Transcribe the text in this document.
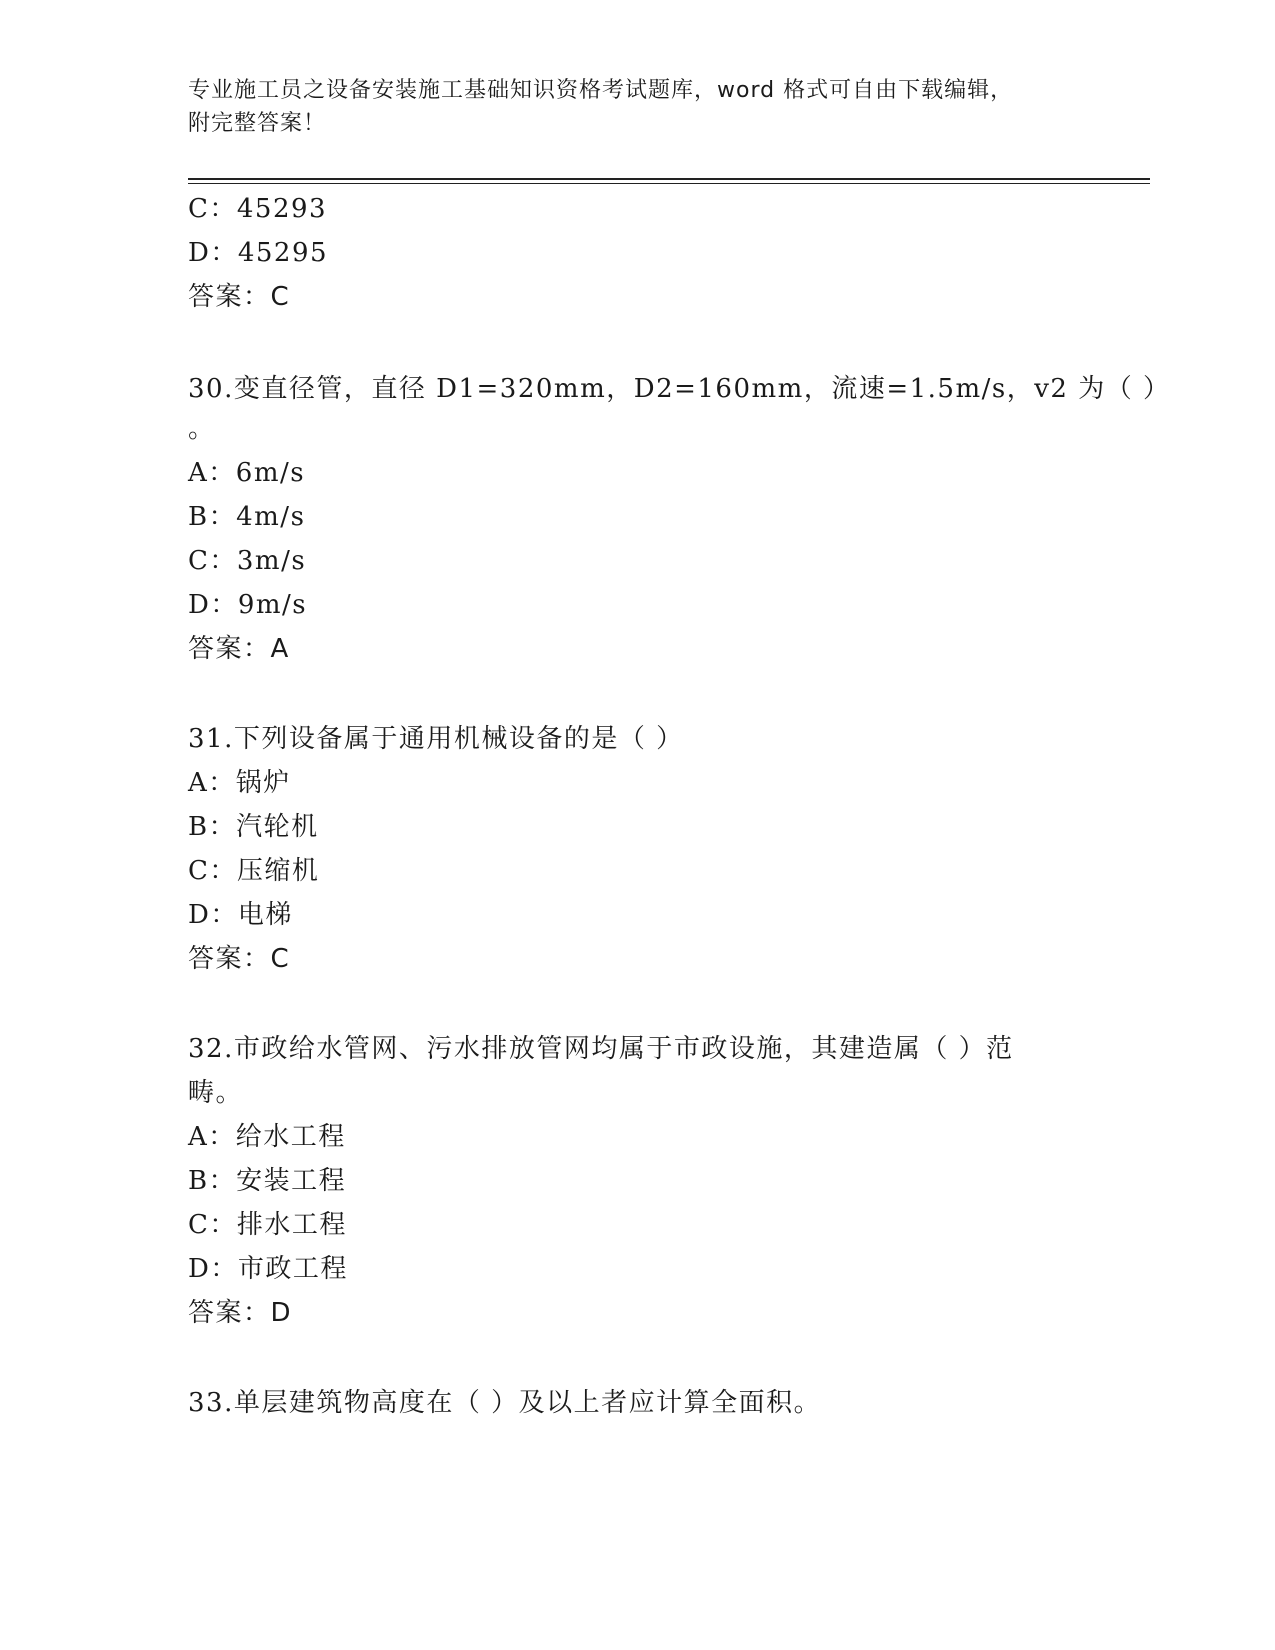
专业施工员之设备安装施工基础知识资格考试题库，word 格式可自由下载编辑，
附完整答案！
C：45293
D：45295
答案：C
30.变直径管，直径 D1=320mm，D2=160mm，流速=1.5m/s，v2 为（ ）
。
A：6m/s
B：4m/s
C：3m/s
D：9m/s
答案：A
31.下列设备属于通用机械设备的是（ ）
A：锅炉
B：汽轮机
C：压缩机
D：电梯
答案：C
32.市政给水管网、污水排放管网均属于市政设施，其建造属（ ）范
畴。
A：给水工程
B：安装工程
C：排水工程
D：市政工程
答案：D
33.单层建筑物高度在（ ）及以上者应计算全面积。
